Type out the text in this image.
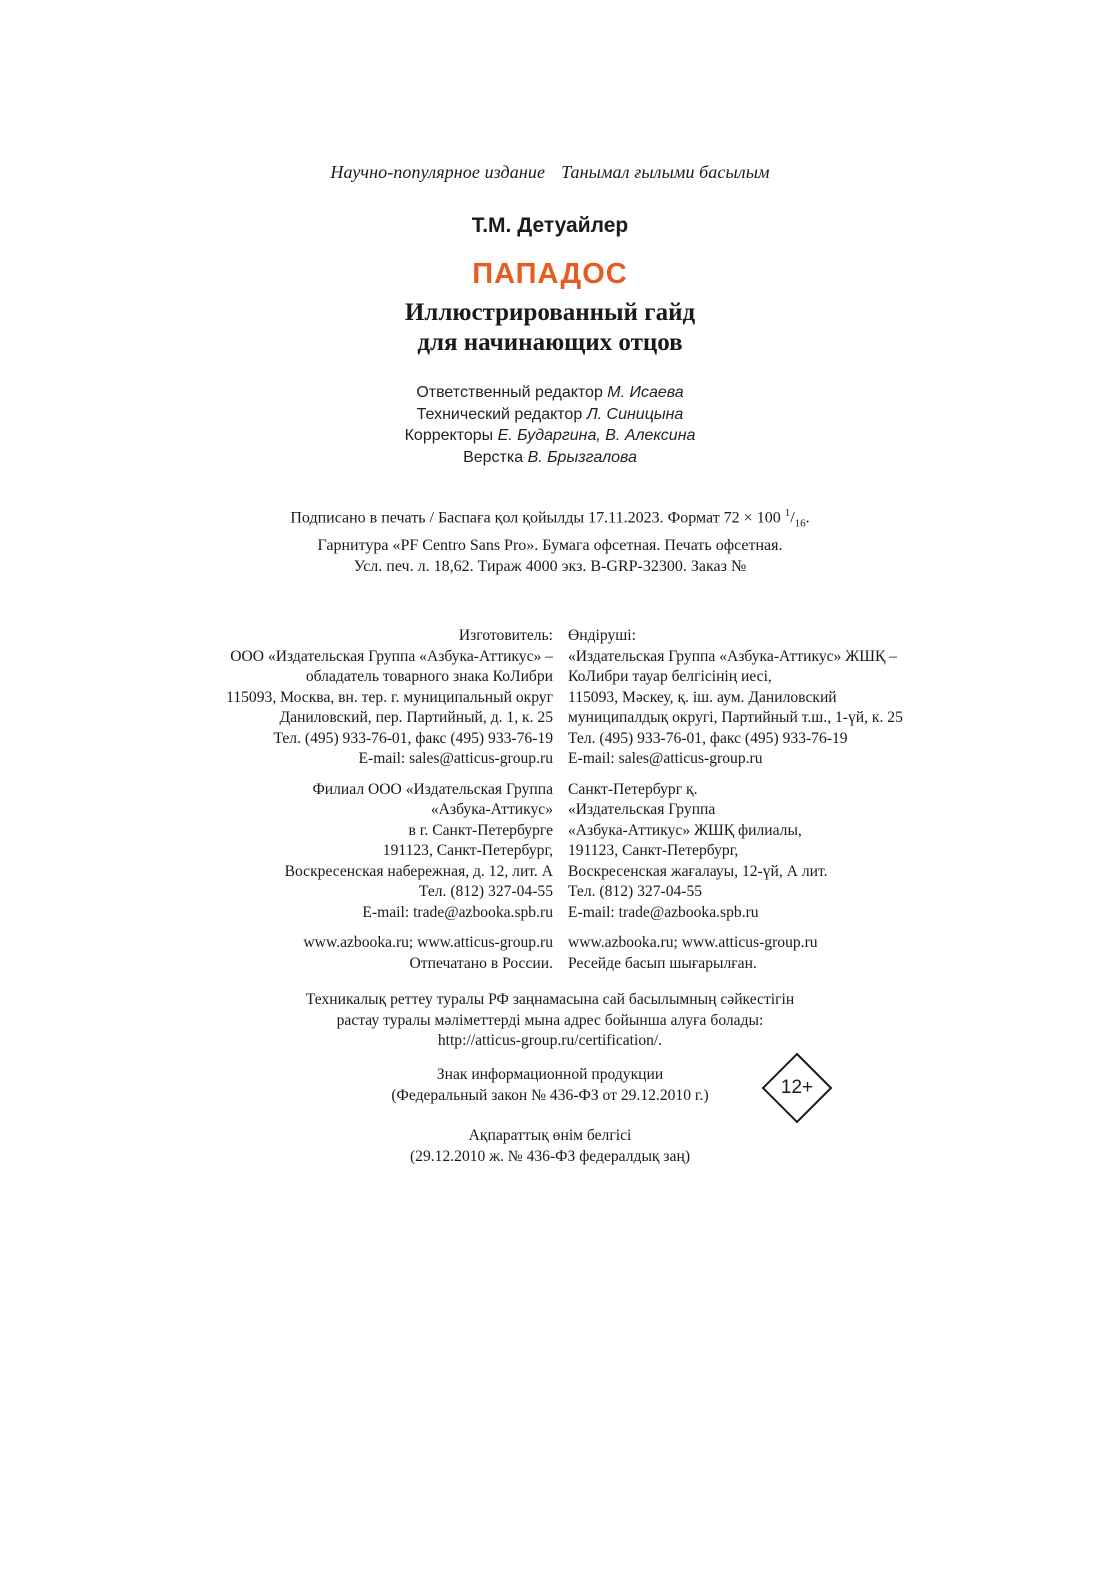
Научно-популярное издание Танымал ғылыми басылым
Т.М. Детуайлер
ПАПАДОС
Иллюстрированный гайд
для начинающих отцов
Ответственный редактор М. Исаева
Технический редактор Л. Синицына
Корректоры Е. Бударгина, В. Алексина
Верстка В. Брызгалова
Подписано в печать / Баспаға қол қойылды 17.11.2023. Формат 72 × 100 $^1/_{16}$.
Гарнитура «PF Centro Sans Pro». Бумага офсетная. Печать офсетная.
Усл. печ. л. 18,62. Тираж 4000 экз. B-GRP-32300. Заказ №
Изготовитель:
ООО «Издательская Группа «Азбука-Аттикус» –
обладатель товарного знака КоЛибри
115093, Москва, вн. тер. г. муниципальный округ
Даниловский, пер. Партийный, д. 1, к. 25
Тел. (495) 933-76-01, факс (495) 933-76-19
E-mail: sales@atticus-group.ru
Филиал ООО «Издательская Группа
«Азбука-Аттикус»
в г. Санкт-Петербурге
191123, Санкт-Петербург,
Воскресенская набережная, д. 12, лит. А
Тел. (812) 327-04-55
E-mail: trade@azbooka.spb.ru
www.azbooka.ru; www.atticus-group.ru
Отпечатано в России.
Өндіруші:
«Издательская Группа «Азбука-Аттикус» ЖШҚ –
КоЛибри тауар белгісінің иесі,
115093, Мәскеу, қ. іш. аум. Даниловский
муниципалдық округі, Партийный т.ш., 1-үй, к. 25
Тел. (495) 933-76-01, факс (495) 933-76-19
E-mail: sales@atticus-group.ru
Санкт-Петербург қ.
«Издательская Группа
«Азбука-Аттикус» ЖШҚ филиалы,
191123, Санкт-Петербург,
Воскресенская жағалауы, 12-үй, А лит.
Тел. (812) 327-04-55
E-mail: trade@azbooka.spb.ru
www.azbooka.ru; www.atticus-group.ru
Ресейде басып шығарылған.
Техникалық реттеу туралы РФ заңнамасына сай басылымның сәйкестігін
растау туралы мәліметтерді мына адрес бойынша алуға болады:
http://atticus-group.ru/certification/.
Знак информационной продукции
(Федеральный закон № 436-ФЗ от 29.12.2010 г.)	12+
Ақпараттық өнім белгісі
(29.12.2010 ж. № 436-ФЗ федералдық заң)
